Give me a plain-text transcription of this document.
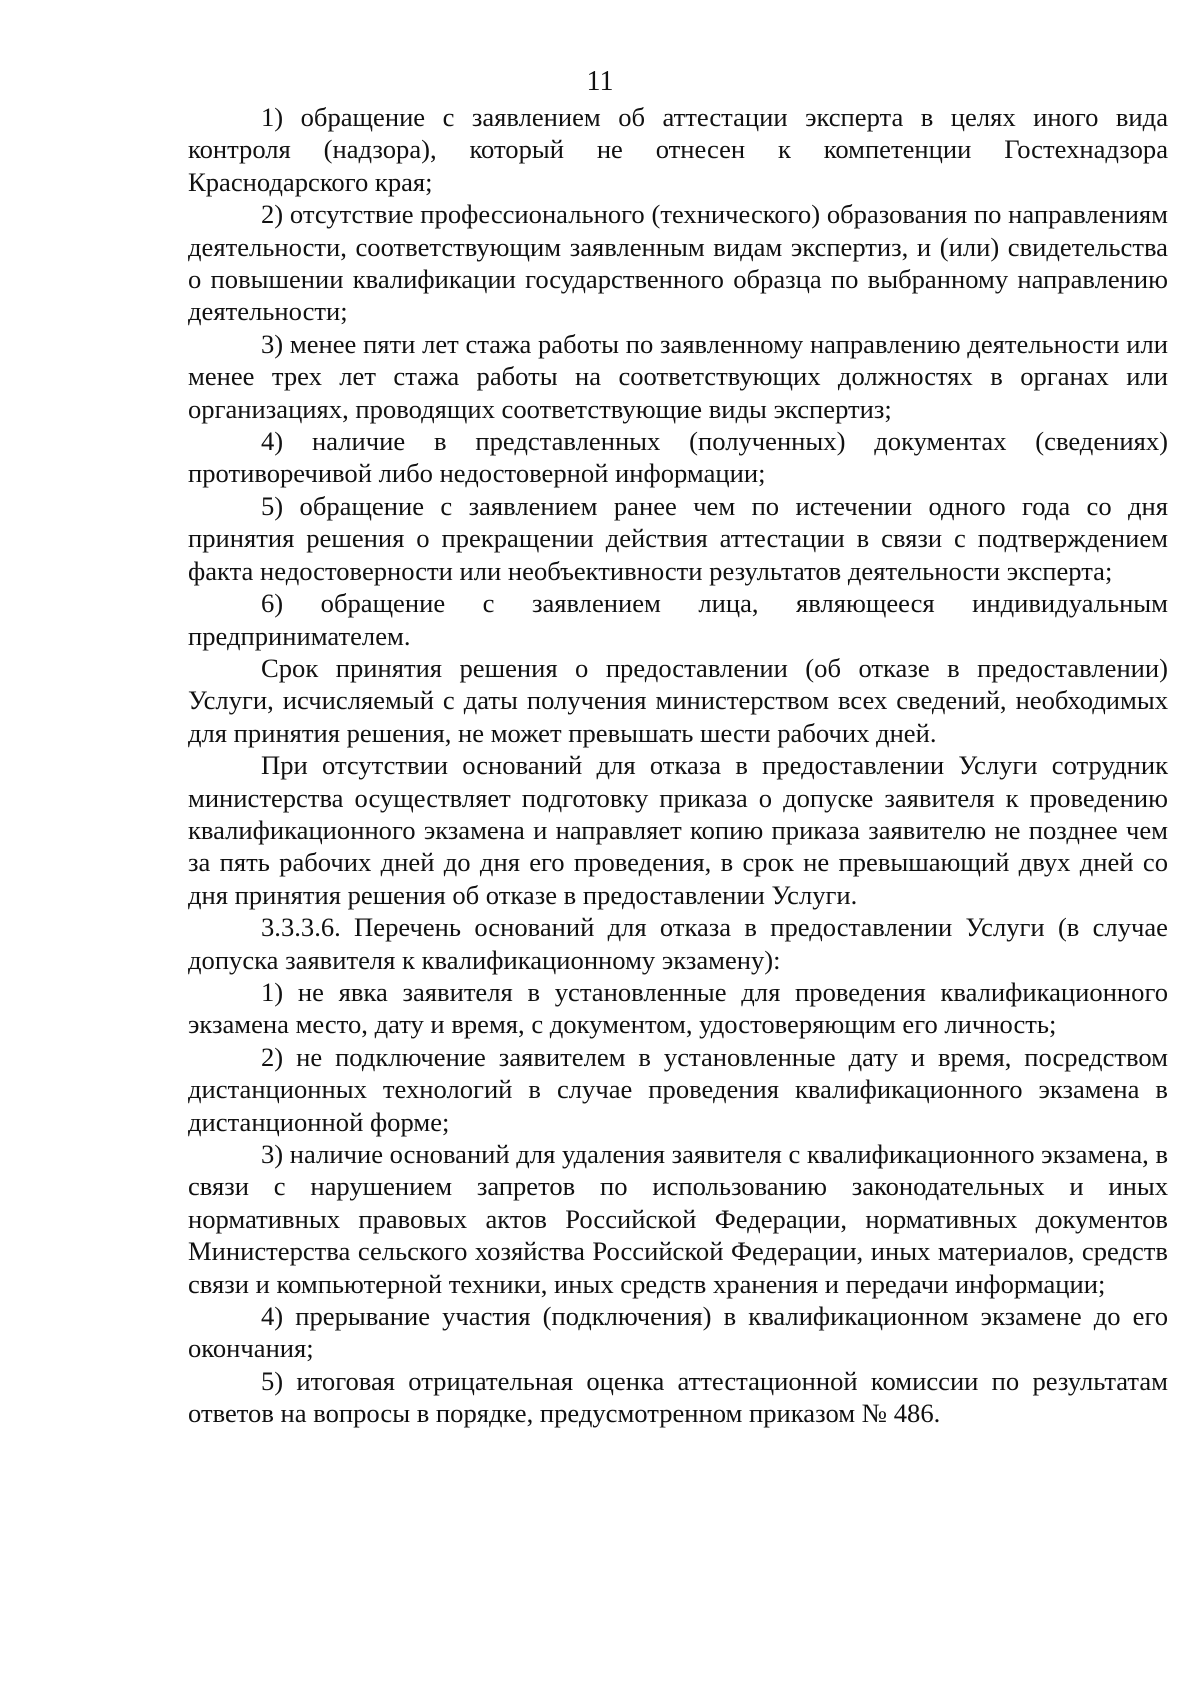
11

1) обращение с заявлением об аттестации эксперта в целях иного вида контроля (надзора), который не отнесен к компетенции Гостехнадзора Краснодарского края;

2) отсутствие профессионального (технического) образования по направлениям деятельности, соответствующим заявленным видам экспертиз, и (или) свидетельства о повышении квалификации государственного образца по выбранному направлению деятельности;

3) менее пяти лет стажа работы по заявленному направлению деятельности или менее трех лет стажа работы на соответствующих должностях в органах или организациях, проводящих соответствующие виды экспертиз;

4) наличие в представленных (полученных) документах (сведениях) противоречивой либо недостоверной информации;

5) обращение с заявлением ранее чем по истечении одного года со дня принятия решения о прекращении действия аттестации в связи с подтверждением факта недостоверности или необъективности результатов деятельности эксперта;

6) обращение с заявлением лица, являющееся индивидуальным предпринимателем.

Срок принятия решения о предоставлении (об отказе в предоставлении) Услуги, исчисляемый с даты получения министерством всех сведений, необходимых для принятия решения, не может превышать шести рабочих дней.

При отсутствии оснований для отказа в предоставлении Услуги сотрудник министерства осуществляет подготовку приказа о допуске заявителя к проведению квалификационного экзамена и направляет копию приказа заявителю не позднее чем за пять рабочих дней до дня его проведения, в срок не превышающий двух дней со дня принятия решения об отказе в предоставлении Услуги.

3.3.3.6. Перечень оснований для отказа в предоставлении Услуги (в случае допуска заявителя к квалификационному экзамену):

1) не явка заявителя в установленные для проведения квалификационного экзамена место, дату и время, с документом, удостоверяющим его личность;

2) не подключение заявителем в установленные дату и время, посредством дистанционных технологий в случае проведения квалификационного экзамена в дистанционной форме;

3) наличие оснований для удаления заявителя с квалификационного экзамена, в связи с нарушением запретов по использованию законодательных и иных нормативных правовых актов Российской Федерации, нормативных документов Министерства сельского хозяйства Российской Федерации, иных материалов, средств связи и компьютерной техники, иных средств хранения и передачи информации;

4) прерывание участия (подключения) в квалификационном экзамене до его окончания;

5) итоговая отрицательная оценка аттестационной комиссии по результатам ответов на вопросы в порядке, предусмотренном приказом № 486.
